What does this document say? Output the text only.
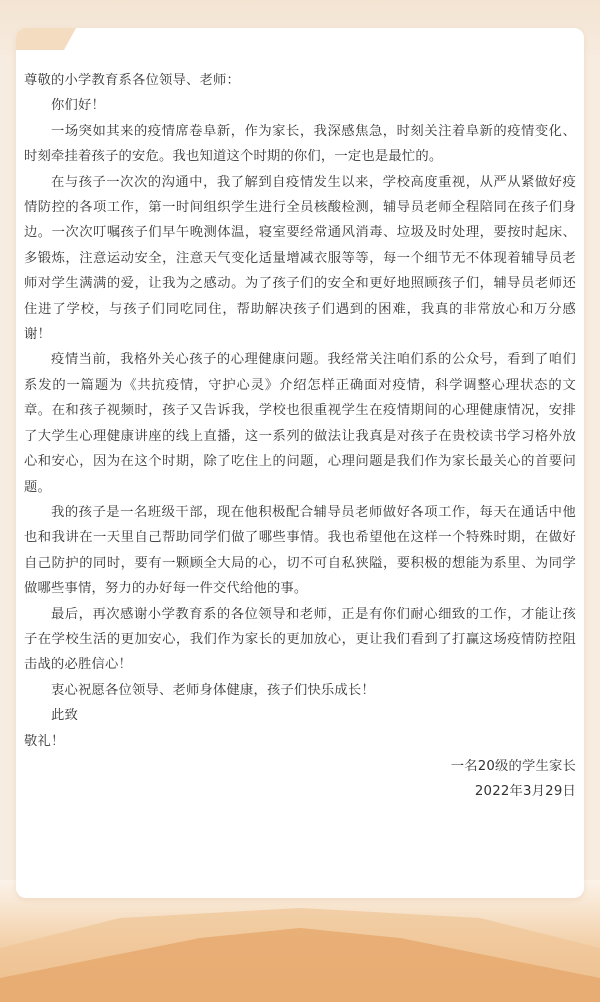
尊敬的小学教育系各位领导、老师：

你们好！

一场突如其来的疫情席卷阜新，作为家长，我深感焦急，时刻关注着阜新的疫情变化、时刻牵挂着孩子的安危。我也知道这个时期的你们，一定也是最忙的。

在与孩子一次次的沟通中，我了解到自疫情发生以来，学校高度重视，从严从紧做好疫情防控的各项工作，第一时间组织学生进行全员核酸检测，辅导员老师全程陪同在孩子们身边。一次次叮嘱孩子们早午晚测体温，寝室要经常通风消毒、垃圾及时处理，要按时起床、多锻炼，注意运动安全，注意天气变化适量增减衣服等等，每一个细节无不体现着辅导员老师对学生满满的爱，让我为之感动。为了孩子们的安全和更好地照顾孩子们，辅导员老师还住进了学校，与孩子们同吃同住，帮助解决孩子们遇到的困难，我真的非常放心和万分感谢！

疫情当前，我格外关心孩子的心理健康问题。我经常关注咱们系的公众号，看到了咱们系发的一篇题为《共抗疫情，守护心灵》介绍怎样正确面对疫情，科学调整心理状态的文章。在和孩子视频时，孩子又告诉我，学校也很重视学生在疫情期间的心理健康情况，安排了大学生心理健康讲座的线上直播，这一系列的做法让我真是对孩子在贵校读书学习格外放心和安心，因为在这个时期，除了吃住上的问题，心理问题是我们作为家长最关心的首要问题。

我的孩子是一名班级干部，现在他积极配合辅导员老师做好各项工作，每天在通话中他也和我讲在一天里自己帮助同学们做了哪些事情。我也希望他在这样一个特殊时期，在做好自己防护的同时，要有一颗顾全大局的心，切不可自私狭隘，要积极的想能为系里、为同学做哪些事情，努力的办好每一件交代给他的事。

最后，再次感谢小学教育系的各位领导和老师，正是有你们耐心细致的工作，才能让孩子在学校生活的更加安心，我们作为家长的更加放心，更让我们看到了打赢这场疫情防控阻击战的必胜信心！

衷心祝愿各位领导、老师身体健康，孩子们快乐成长！

此致

敬礼！

一名20级的学生家长

2022年3月29日
